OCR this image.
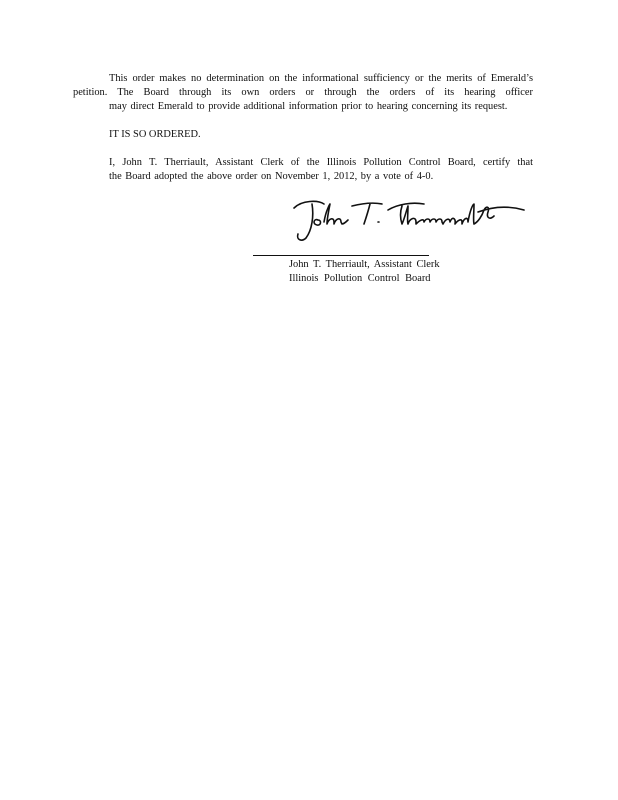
This order makes no determination on the informational sufficiency or the merits of Emerald’s petition. The Board through its own orders or through the orders of its hearing officer
may direct Emerald to provide additional information prior to hearing concerning its request.
IT IS SO ORDERED.
I, John T. Therriault, Assistant Clerk of the Illinois Pollution Control Board, certify that
the Board adopted the above order on November 1, 2012, by a vote of 4-0.
John T. Therriault, Assistant Clerk
Illinois Pollution Control Board
